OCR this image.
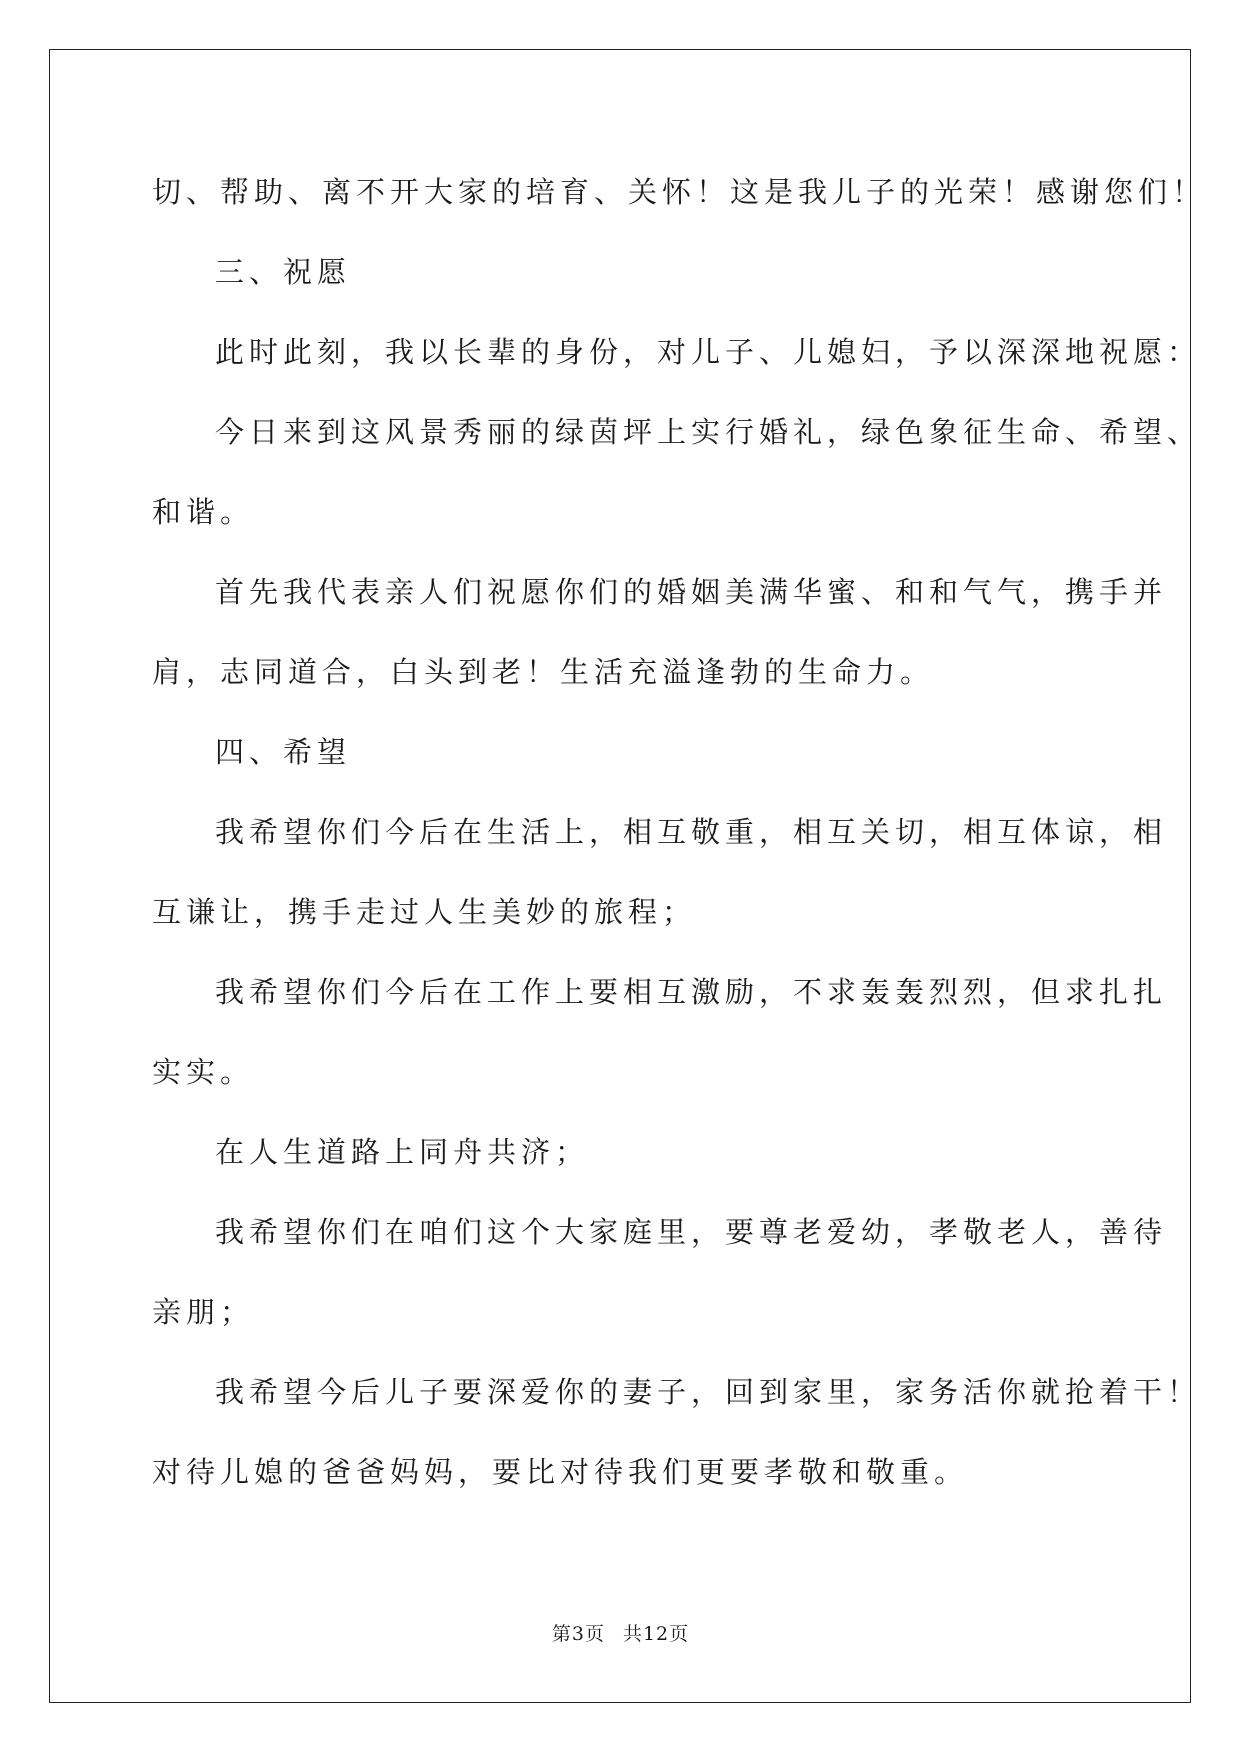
切、帮助、离不开大家的培育、关怀！这是我儿子的光荣！感谢您们！
三、祝愿
此时此刻，我以长辈的身份，对儿子、儿媳妇，予以深深地祝愿：
今日来到这风景秀丽的绿茵坪上实行婚礼，绿色象征生命、希望、
和谐。
首先我代表亲人们祝愿你们的婚姻美满华蜜、和和气气，携手并
肩，志同道合，白头到老！生活充溢逢勃的生命力。
四、希望
我希望你们今后在生活上，相互敬重，相互关切，相互体谅，相
互谦让，携手走过人生美妙的旅程；
我希望你们今后在工作上要相互激励，不求轰轰烈烈，但求扎扎
实实。
在人生道路上同舟共济；
我希望你们在咱们这个大家庭里，要尊老爱幼，孝敬老人，善待
亲朋；
我希望今后儿子要深爱你的妻子，回到家里，家务活你就抢着干！
对待儿媳的爸爸妈妈，要比对待我们更要孝敬和敬重。
第3页 共12页
